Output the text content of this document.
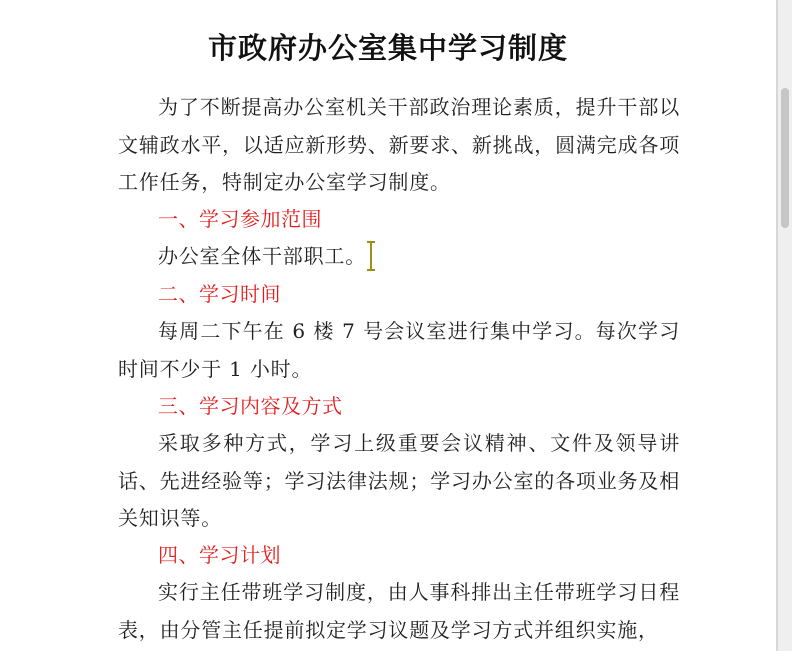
市政府办公室集中学习制度

为了不断提高办公室机关干部政治理论素质，提升干部以文辅政水平，以适应新形势、新要求、新挑战，圆满完成各项工作任务，特制定办公室学习制度。

一、学习参加范围

办公室全体干部职工。

二、学习时间

每周二下午在 6 楼 7 号会议室进行集中学习。每次学习时间不少于 1 小时。

三、学习内容及方式

采取多种方式，学习上级重要会议精神、文件及领导讲话、先进经验等；学习法律法规；学习办公室的各项业务及相关知识等。

四、学习计划

实行主任带班学习制度，由人事科排出主任带班学习日程表，由分管主任提前拟定学习议题及学习方式并组织实施，
